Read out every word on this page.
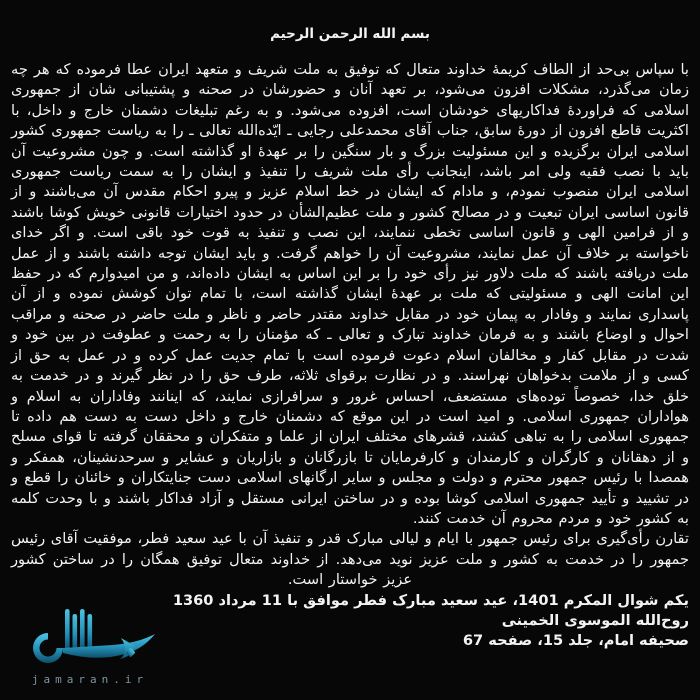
بسم الله الرحمن الرحيم

با سپاس بی‌حد از الطاف کریمهٔ خداوند متعال که توفیق به ملت شریف و متعهد ایران عطا فرموده که هر چه زمان می‌گذرد، مشکلات افزون می‌شود، بر تعهد آنان و حضورشان در صحنه و پشتیبانی شان از جمهوری اسلامی که فراوردهٔ فداکاریهای خودشان است، افزوده می‌شود. و به رغم تبلیغات دشمنان خارج و داخل، با اکثریت قاطع افزون از دورهٔ سابق، جناب آقای محمدعلی رجایی ـ ایّده‌الله تعالی ـ را به ریاست جمهوری کشور اسلامی ایران برگزیده و این مسئولیت بزرگ و بار سنگین را بر عهدهٔ او گذاشته است. و چون مشروعیت آن باید با نصب فقیه ولی امر باشد، اینجانب رأی ملت شریف را تنفیذ و ایشان را به سمت ریاست جمهوری اسلامی ایران منصوب نمودم، و مادام که ایشان در خط اسلام عزیز و پیرو احکام مقدس آن می‌باشند و از قانون اساسی ایران تبعیت و در مصالح کشور و ملت عظیم‌الشأن در حدود اختیارات قانونی خویش کوشا باشند و از فرامین الهی و قانون اساسی تخطی ننمایند، این نصب و تنفیذ به قوت خود باقی است. و اگر خدای ناخواسته بر خلاف آن عمل نمایند، مشروعیت آن را خواهم گرفت. و باید ایشان توجه داشته باشند و از عمل ملت دریافته باشند که ملت دلاور نیز رأی خود را بر این اساس به ایشان داده‌اند، و من امیدوارم که در حفظ این امانت الهی و مسئولیتی که ملت بر عهدهٔ ایشان گذاشته است، با تمام توان کوشش نموده و از آن پاسداری نمایند و وفادار به پیمان خود در مقابل خداوند مقتدر حاضر و ناظر و ملت حاضر در صحنه و مراقب احوال و اوضاع باشند و به فرمان خداوند تبارک و تعالی ـ که مؤمنان را به رحمت و عطوفت در بین خود و شدت در مقابل کفار و مخالفان اسلام دعوت فرموده است با تمام جدیت عمل کرده و در عمل به حق از کسی و از ملامت بدخواهان نهراسند. و در نظارت برقوای ثلاثه، طرف حق را در نظر گیرند و در خدمت به خلق خدا، خصوصاً توده‌های مستضعف، احساس غرور و سرافرازی نمایند، که اینانند وفاداران به اسلام و هواداران جمهوری اسلامی. و امید است در این موقع که دشمنان خارج و داخل دست به دست هم داده تا جمهوری اسلامی را به تباهی کشند، قشرهای مختلف ایران از علما و متفکران و محققان گرفته تا قوای مسلح و از دهقانان و کارگران و کارمندان و کارفرمایان تا بازرگانان و بازاریان و عشایر و سرحدنشینان، همفکر و همصدا با رئیس جمهور محترم و دولت و مجلس و سایر ارگانهای اسلامی دست جنایتکاران و خائنان را قطع و در تشیید و تأیید جمهوری اسلامی کوشا بوده و در ساختن ایرانی مستقل و آزاد فداکار باشند و با وحدت کلمه به کشور خود و مردم محروم آن خدمت کنند.

تقارن رأی‌گیری برای رئیس جمهور با ایام و لیالی مبارک قدر و تنفیذ آن با عید سعید فطر، موفقیت آقای رئیس جمهور را در خدمت به کشور و ملت عزیز نوید می‌دهد. از خداوند متعال توفیق همگان را در ساختن کشور عزیز خواستار است.

یکم شوال المکرم 1401، عید سعید مبارک فطر موافق با 11 مرداد 1360
روح‌الله الموسوی الخمینی
صحیفه امام، جلد 15، صفحه 67
jamaran.ir
